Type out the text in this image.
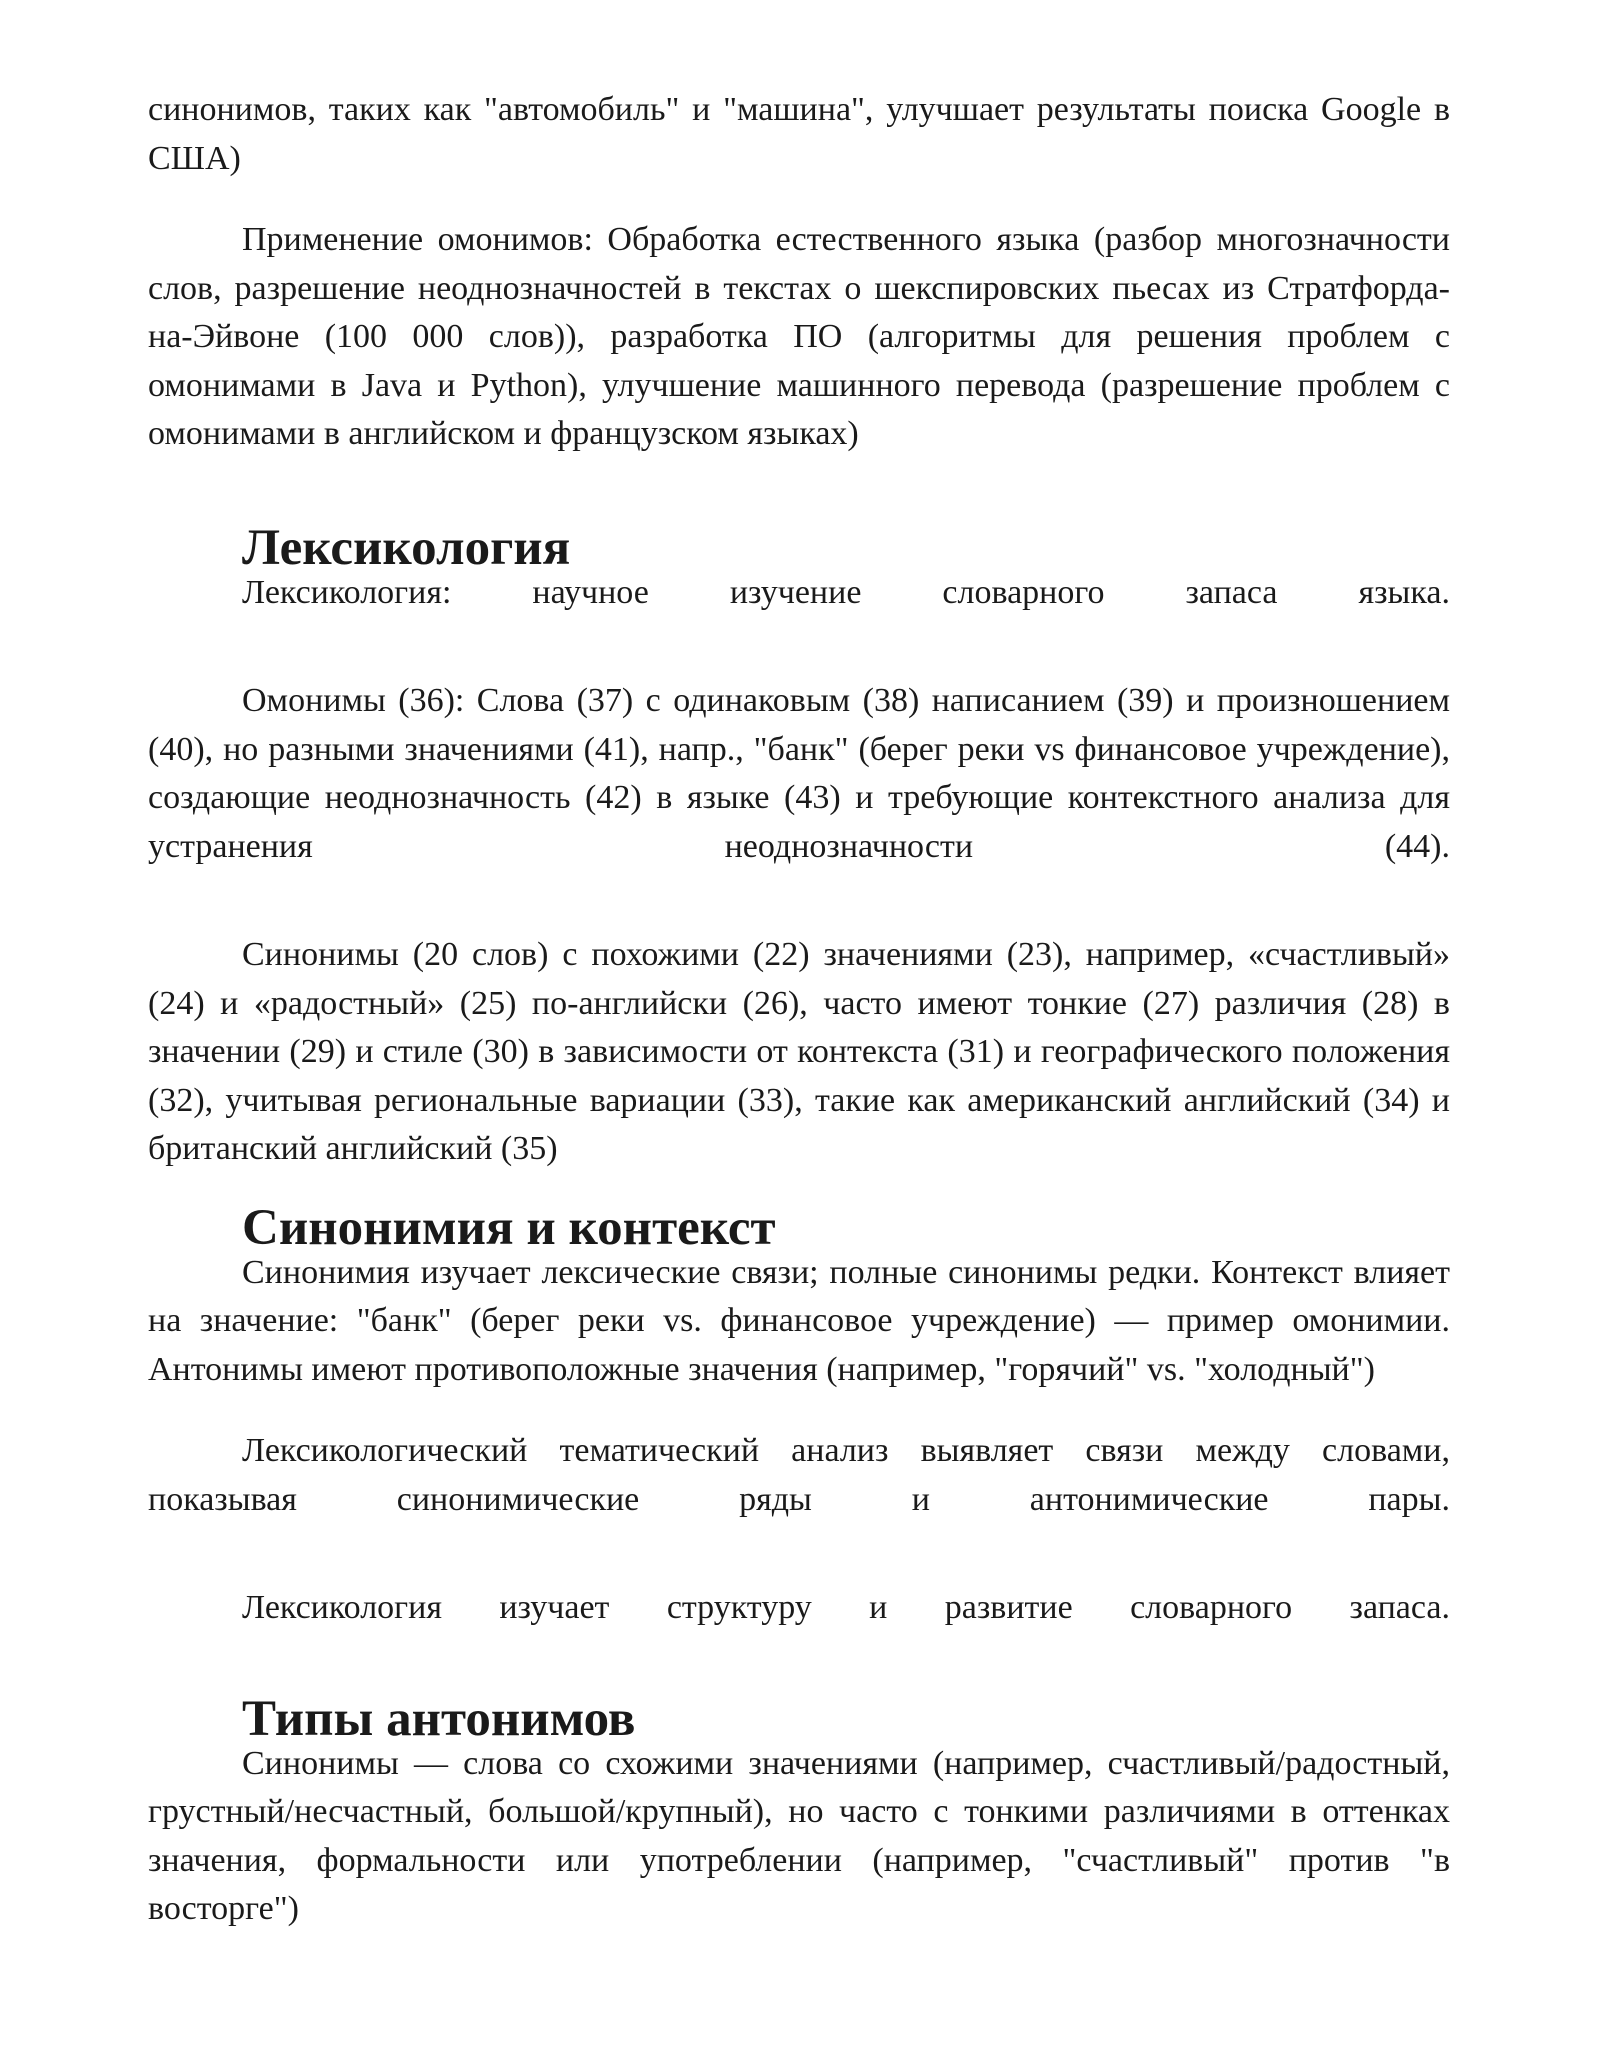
синонимов, таких как "автомобиль" и "машина", улучшает результаты поиска Google в США)

Применение омонимов: Обработка естественного языка (разбор многозначности слов, разрешение неоднозначностей в текстах о шекспировских пьесах из Стратфорда-на-Эйвоне (100 000 слов)), разработка ПО (алгоритмы для решения проблем с омонимами в Java и Python), улучшение машинного перевода (разрешение проблем с омонимами в английском и французском языках)

Лексикология

Лексикология: научное изучение словарного запаса языка.

Омонимы (36): Слова (37) с одинаковым (38) написанием (39) и произношением (40), но разными значениями (41), напр., "банк" (берег реки vs финансовое учреждение), создающие неоднозначность (42) в языке (43) и требующие контекстного анализа для устранения неоднозначности (44).

Синонимы (20 слов) с похожими (22) значениями (23), например, «счастливый» (24) и «радостный» (25) по-английски (26), часто имеют тонкие (27) различия (28) в значении (29) и стиле (30) в зависимости от контекста (31) и географического положения (32), учитывая региональные вариации (33), такие как американский английский (34) и британский английский (35)

Синонимия и контекст

Синонимия изучает лексические связи; полные синонимы редки. Контекст влияет на значение: "банк" (берег реки vs. финансовое учреждение) — пример омонимии. Антонимы имеют противоположные значения (например, "горячий" vs. "холодный")

Лексикологический тематический анализ выявляет связи между словами, показывая синонимические ряды и антонимические пары.

Лексикология изучает структуру и развитие словарного запаса.

Типы антонимов

Синонимы — слова со схожими значениями (например, счастливый/радостный, грустный/несчастный, большой/крупный), но часто с тонкими различиями в оттенках значения, формальности или употреблении (например, "счастливый" против "в восторге")
